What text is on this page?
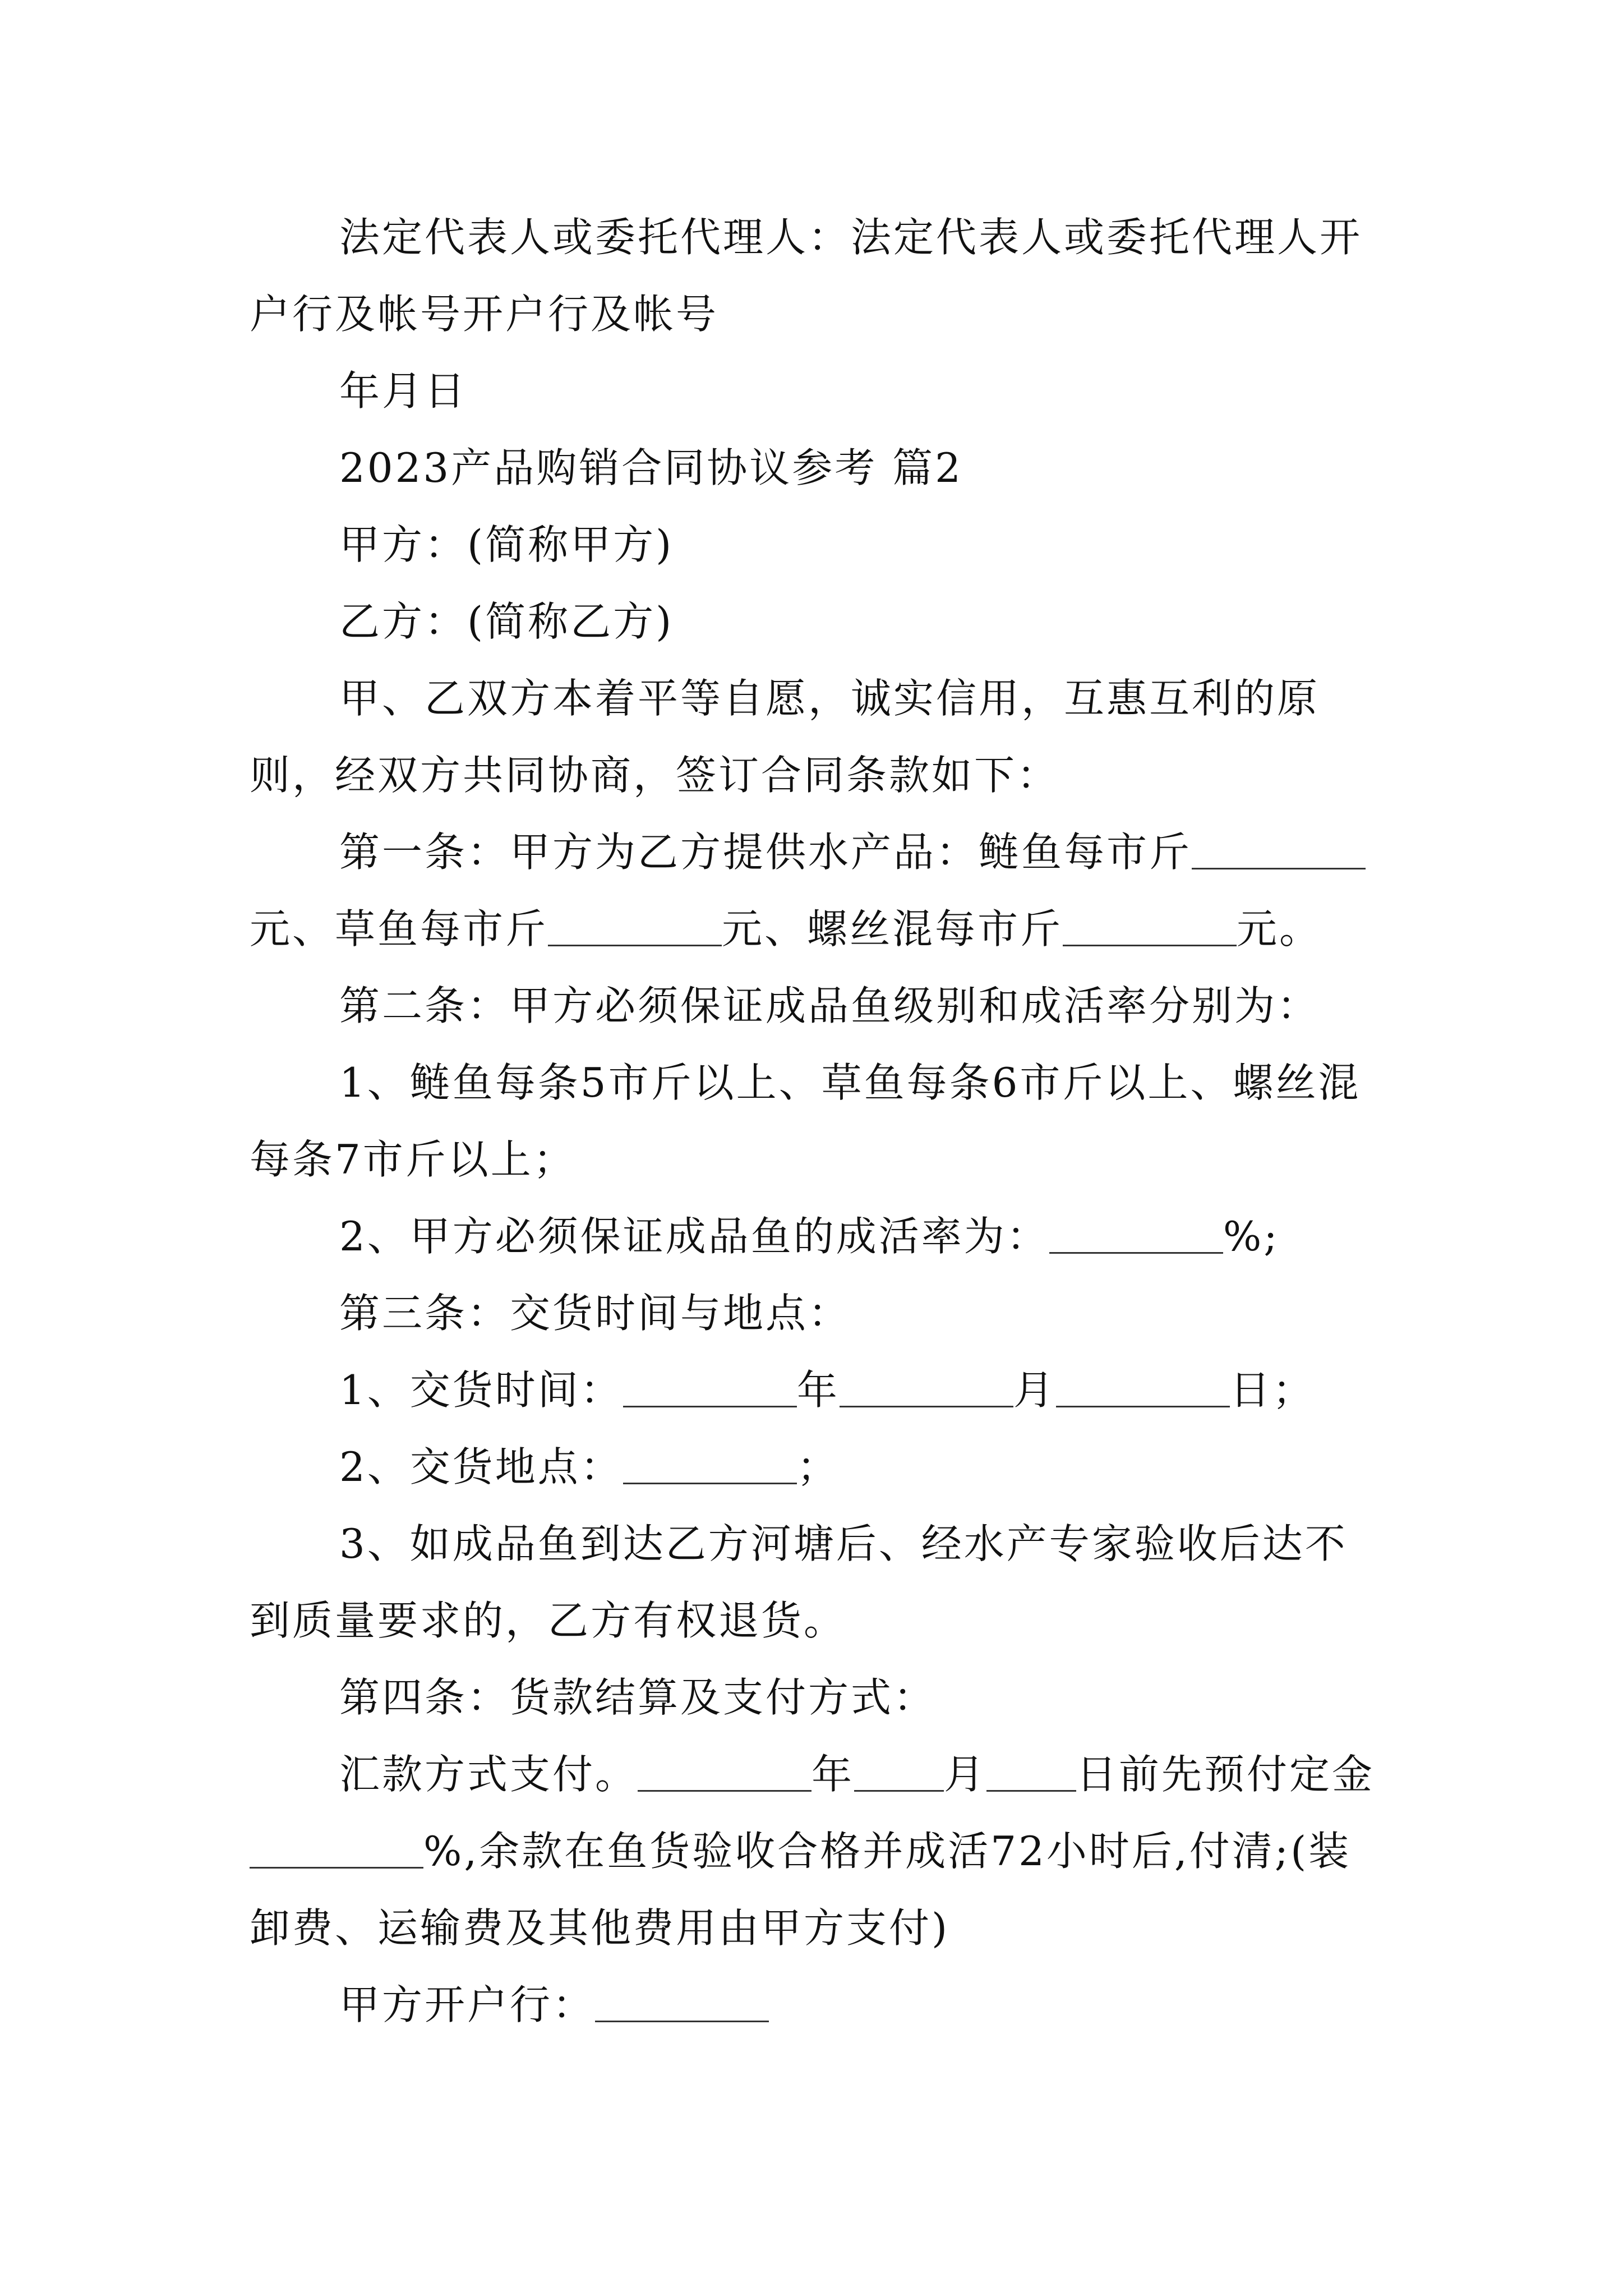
法定代表人或委托代理人：法定代表人或委托代理人开户行及帐号开户行及帐号

年月日

2023产品购销合同协议参考 篇2

甲方：(简称甲方)

乙方：(简称乙方)

甲、乙双方本着平等自愿，诚实信用，互惠互利的原则，经双方共同协商，签订合同条款如下：

第一条：甲方为乙方提供水产品：鲢鱼每市斤元、草鱼每市斤	元、螺丝混每市斤	元。

第二条：甲方必须保证成品鱼级别和成活率分别为：

1、鲢鱼每条5市斤以上、草鱼每条6市斤以上、螺丝混每条7市斤以上；

2、甲方必须保证成品鱼的成活率为：	%;

第三条：交货时间与地点：

1、交货时间：	年	月	日；

2、交货地点：	；

3、如成品鱼到达乙方河塘后、经水产专家验收后达不到质量要求的，乙方有权退货。

第四条：货款结算及支付方式：

汇款方式支付。	年 月 日前先预付定金%,余款在鱼货验收合格并成活72小时后,付清;(装卸费、运输费及其他费用由甲方支付)

甲方开户行：
